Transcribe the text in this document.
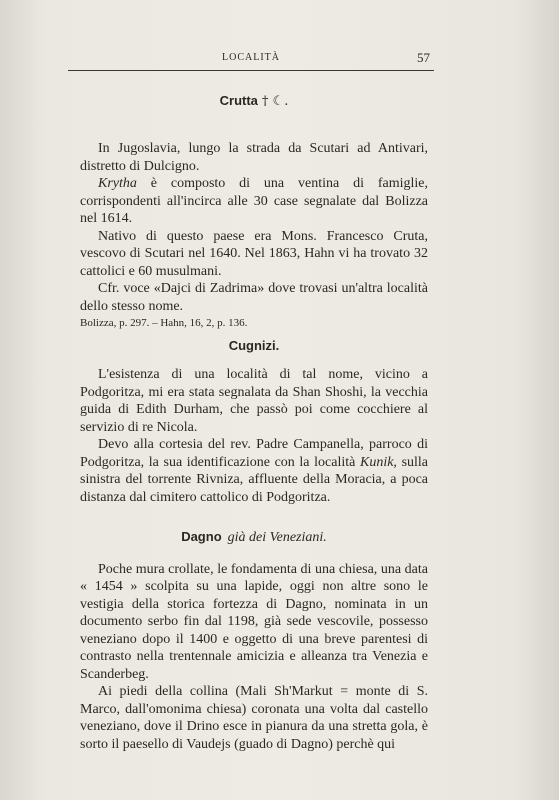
LOCALITÀ	57
Crutta † ☾.

In Jugoslavia, lungo la strada da Scutari ad Antivari, distretto di Dulcigno.

Krytha è composto di una ventina di famiglie, corrispondenti all'incirca alle 30 case segnalate dal Bolizza nel 1614.

Nativo di questo paese era Mons. Francesco Cruta, vescovo di Scutari nel 1640. Nel 1863, Hahn vi ha trovato 32 cattolici e 60 musulmani.

Cfr. voce «Dajci di Zadrima» dove trovasi un'altra località dello stesso nome.

Bolizza, p. 297. – Hahn, 16, 2, p. 136.

Cugnizi.

L'esistenza di una località di tal nome, vicino a Podgoritza, mi era stata segnalata da Shan Shoshi, la vecchia guida di Edith Durham, che passò poi come cocchiere al servizio di re Nicola.

Devo alla cortesia del rev. Padre Campanella, parroco di Podgoritza, la sua identificazione con la località Kunik, sulla sinistra del torrente Rivniza, affluente della Moracia, a poca distanza dal cimitero cattolico di Podgoritza.

Dagno già dei Veneziani.

Poche mura crollate, le fondamenta di una chiesa, una data « 1454 » scolpita su una lapide, oggi non altre sono le vestigia della storica fortezza di Dagno, nominata in un documento serbo fin dal 1198, già sede vescovile, possesso veneziano dopo il 1400 e oggetto di una breve parentesi di contrasto nella trentennale amicizia e alleanza tra Venezia e Scanderbeg.

Ai piedi della collina (Mali Sh'Markut = monte di S. Marco, dall'omonima chiesa) coronata una volta dal castello veneziano, dove il Drino esce in pianura da una stretta gola, è sorto il paesello di Vaudejs (guado di Dagno) perchè qui
